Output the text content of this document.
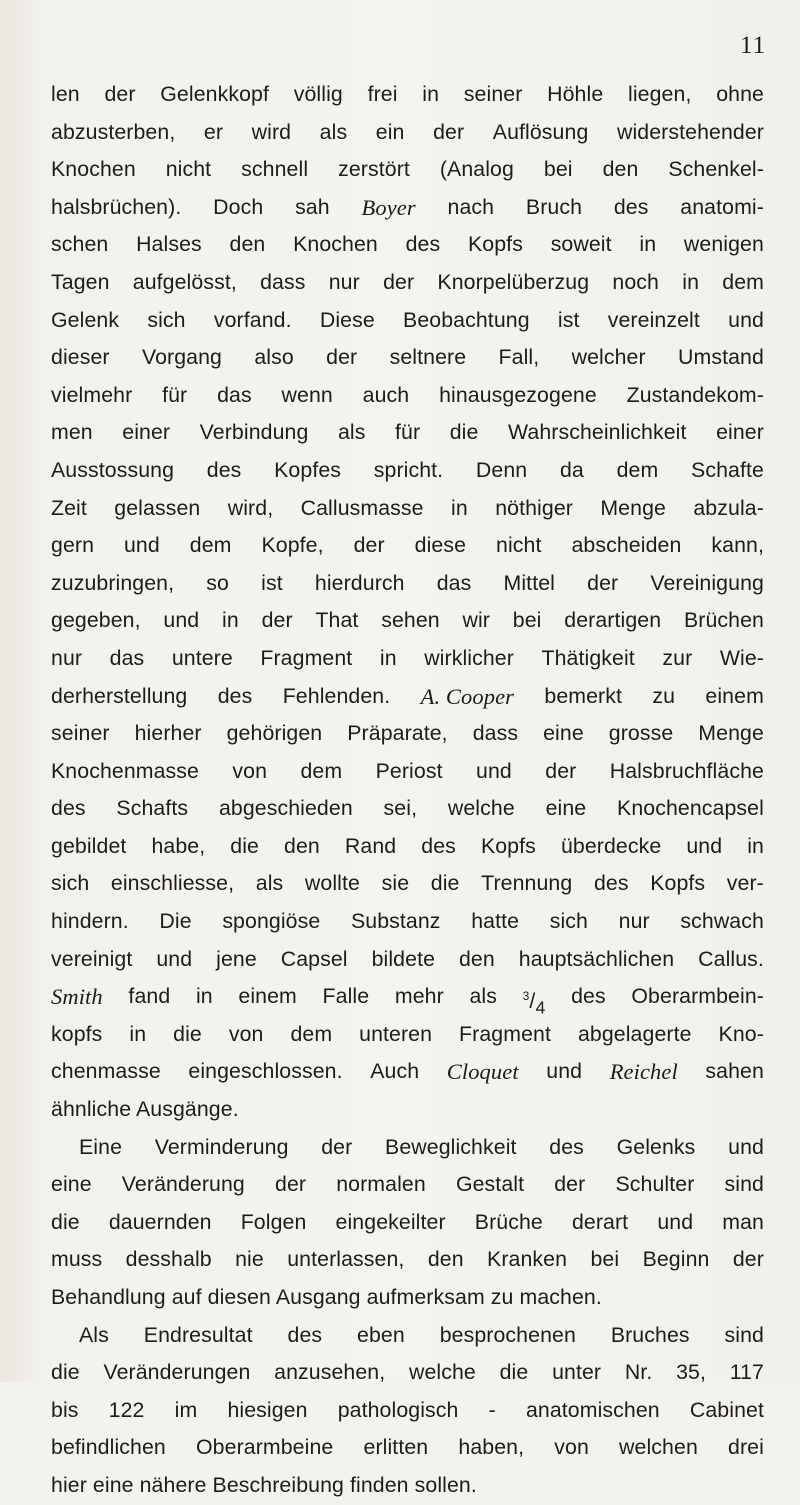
11
len der Gelenkkopf völlig frei in seiner Höhle liegen, ohne
abzusterben, er wird als ein der Auflösung widerstehender
Knochen nicht schnell zerstört (Analog bei den Schenkel-
halsbrüchen). Doch sah Boyer nach Bruch des anatomi-
schen Halses den Knochen des Kopfs soweit in wenigen
Tagen aufgelösst, dass nur der Knorpelüberzug noch in dem
Gelenk sich vorfand. Diese Beobachtung ist vereinzelt und
dieser Vorgang also der seltnere Fall, welcher Umstand
vielmehr für das wenn auch hinausgezogene Zustandekom-
men einer Verbindung als für die Wahrscheinlichkeit einer
Ausstossung des Kopfes spricht. Denn da dem Schafte
Zeit gelassen wird, Callusmasse in nöthiger Menge abzula-
gern und dem Kopfe, der diese nicht abscheiden kann,
zuzubringen, so ist hierdurch das Mittel der Vereinigung
gegeben, und in der That sehen wir bei derartigen Brüchen
nur das untere Fragment in wirklicher Thätigkeit zur Wie-
derherstellung des Fehlenden. A. Cooper bemerkt zu einem
seiner hierher gehörigen Präparate, dass eine grosse Menge
Knochenmasse von dem Periost und der Halsbruchfläche
des Schafts abgeschieden sei, welche eine Knochencapsel
gebildet habe, die den Rand des Kopfs überdecke und in
sich einschliesse, als wollte sie die Trennung des Kopfs ver-
hindern. Die spongiöse Substanz hatte sich nur schwach
vereinigt und jene Capsel bildete den hauptsächlichen Callus.
Smith fand in einem Falle mehr als $^3/_4$ des Oberarmbein-
kopfs in die von dem unteren Fragment abgelagerte Kno-
chenmasse eingeschlossen. Auch Cloquet und Reichel sahen
ähnliche Ausgänge.
Eine Verminderung der Beweglichkeit des Gelenks und
eine Veränderung der normalen Gestalt der Schulter sind
die dauernden Folgen eingekeilter Brüche derart und man
muss desshalb nie unterlassen, den Kranken bei Beginn der
Behandlung auf diesen Ausgang aufmerksam zu machen.
Als Endresultat des eben besprochenen Bruches sind
die Veränderungen anzusehen, welche die unter Nr. 35, 117
bis 122 im hiesigen pathologisch - anatomischen Cabinet
befindlichen Oberarmbeine erlitten haben, von welchen drei
hier eine nähere Beschreibung finden sollen.
